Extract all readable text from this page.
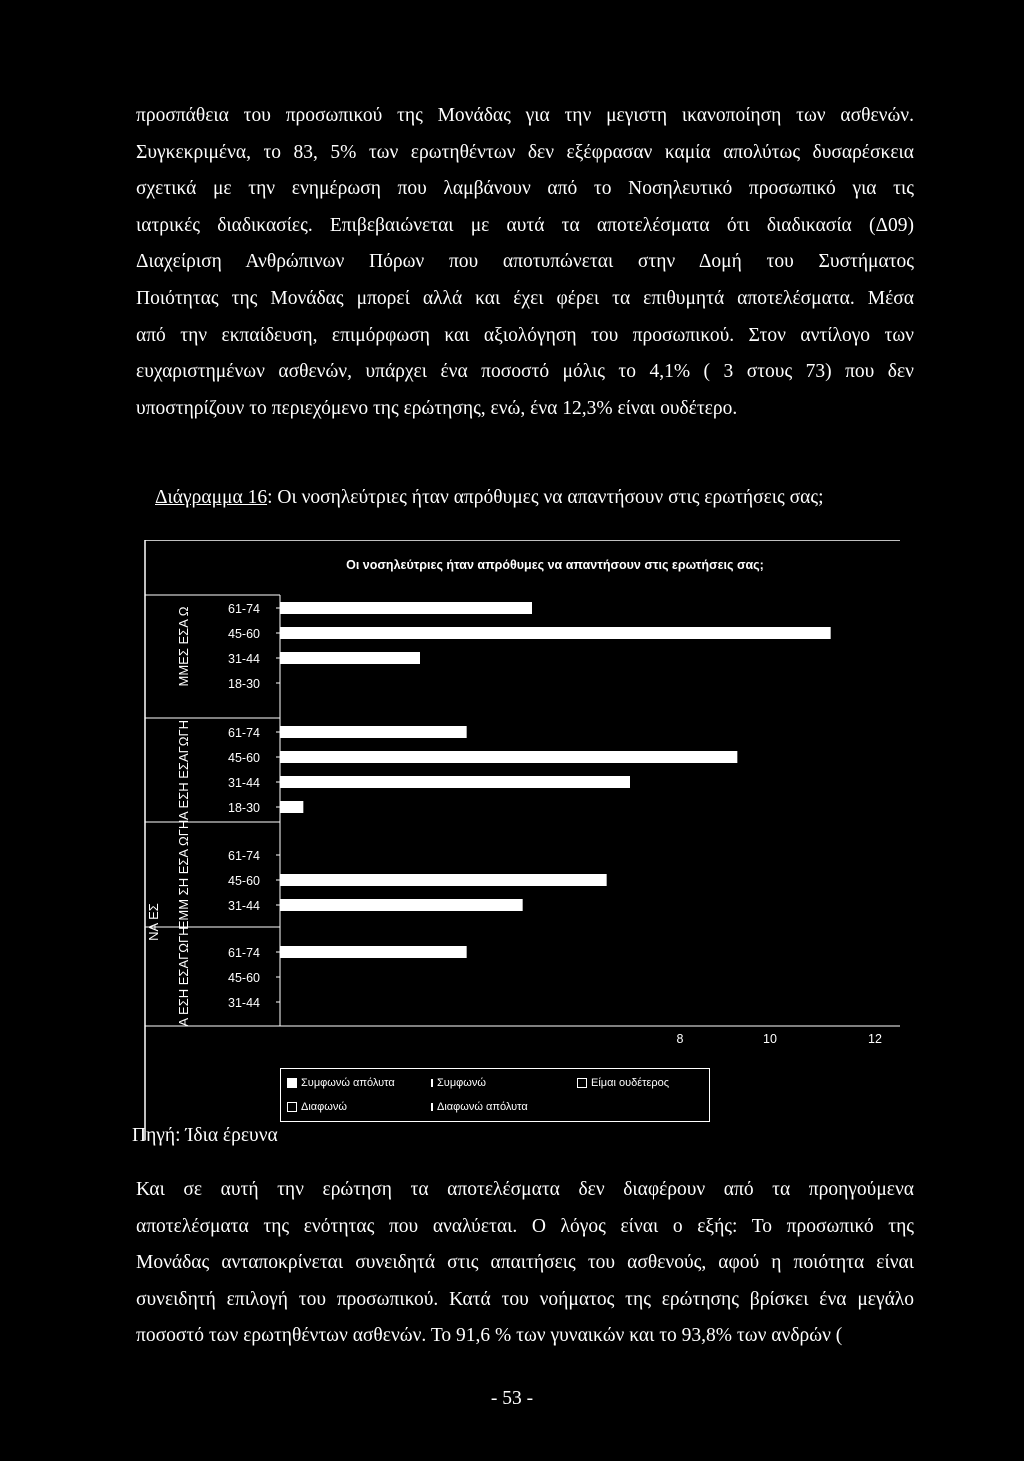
προσπάθεια του προσωπικού της Μονάδας για την μεγιστη ικανοποίηση των ασθενών.
Συγκεκριμένα, το 83, 5% των ερωτηθέντων δεν εξέφρασαν καμία απολύτως δυσαρέσκεια
σχετικά με την ενημέρωση που λαμβάνουν από το Νοσηλευτικό προσωπικό για τις
ιατρικές διαδικασίες. Επιβεβαιώνεται με αυτά τα αποτελέσματα ότι διαδικασία (Δ09)
Διαχείριση Ανθρώπινων Πόρων που αποτυπώνεται στην Δομή του Συστήματος
Ποιότητας της Μονάδας μπορεί αλλά και έχει φέρει τα επιθυμητά αποτελέσματα. Μέσα
από την εκπαίδευση, επιμόρφωση και αξιολόγηση του προσωπικού. Στον αντίλογο των
ευχαριστημένων ασθενών, υπάρχει ένα ποσοστό μόλις το 4,1% ( 3 στους 73) που δεν
υποστηρίζουν το περιεχόμενο της ερώτησης, ενώ, ένα 12,3% είναι ουδέτερο.
Διάγραμμα 16: Οι νοσηλεύτριες ήταν απρόθυμες να απαντήσουν στις ερωτήσεις σας;
Οι νοσηλεύτριες ήταν απρόθυμες να απαντήσουν στις ερωτήσεις σας;
ΜΜΕΣ ΕΣΑ Ω
Α ΕΣΗ ΕΣΑΓΩΓΗ
ΕΜΜ ΣΗ ΕΣΑ ΩΓΗ
Α ΕΣΗ ΕΣΑΓΩΓΗ
ΝΑ ΕΣ
61-74
45-60
31-44
18-30
61-74
45-60
31-44
18-30
61-74
45-60
31-44
61-74
45-60
31-44
8	10	12
Συμφωνώ απόλυτα	Συμφωνώ	Είμαι ουδέτερος
Διαφωνώ	Διαφωνώ απόλυτα
Πηγή: Ίδια έρευνα
Και σε αυτή την ερώτηση τα αποτελέσματα δεν διαφέρουν από τα προηγούμενα
αποτελέσματα της ενότητας που αναλύεται. Ο λόγος είναι ο εξής: Το προσωπικό της
Μονάδας ανταποκρίνεται συνειδητά στις απαιτήσεις του ασθενούς, αφού η ποιότητα είναι
συνειδητή επιλογή του προσωπικού. Κατά του νοήματος της ερώτησης βρίσκει ένα μεγάλο
ποσοστό των ερωτηθέντων ασθενών. Το 91,6 % των γυναικών και το 93,8% των ανδρών (
- 53 -
